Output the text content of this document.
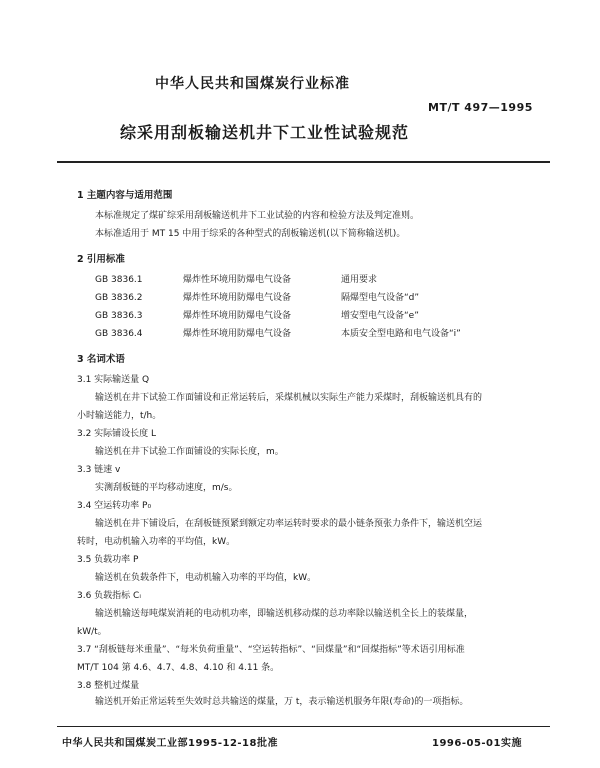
中华人民共和国煤炭行业标准
MT/T 497—1995
综采用刮板输送机井下工业性试验规范
1 主题内容与适用范围
本标准规定了煤矿综采用刮板输送机井下工业试验的内容和检验方法及判定准则。
本标准适用于 MT 15 中用于综采的各种型式的刮板输送机(以下简称输送机)。
2 引用标准
GB 3836.1	爆炸性环境用防爆电气设备	通用要求
GB 3836.2	爆炸性环境用防爆电气设备	隔爆型电气设备“d”
GB 3836.3	爆炸性环境用防爆电气设备	增安型电气设备“e”
GB 3836.4	爆炸性环境用防爆电气设备	本质安全型电路和电气设备“i”
3 名词术语
3.1 实际输送量 Q
输送机在井下试验工作面铺设和正常运转后，采煤机械以实际生产能力采煤时，刮板输送机具有的
小时输送能力，t/h。
3.2 实际铺设长度 L
输送机在井下试验工作面铺设的实际长度，m。
3.3 链速 v
实测刮板链的平均移动速度，m/s。
3.4 空运转功率 P₀
输送机在井下铺设后，在刮板链预紧到额定功率运转时要求的最小链条预张力条件下，输送机空运
转时，电动机输入功率的平均值，kW。
3.5 负载功率 P
输送机在负载条件下，电动机输入功率的平均值，kW。
3.6 负载指标 Cᵢ
输送机输送每吨煤炭消耗的电动机功率，即输送机移动煤的总功率除以输送机全长上的装煤量，
kW/t。
3.7 “刮板链每米重量”、“每米负荷重量”、“空运转指标”、“回煤量”和“回煤指标”等术语引用标准
MT/T 104 第 4.6、4.7、4.8、4.10 和 4.11 条。
3.8 整机过煤量
输送机开始正常运转至失效时总共输送的煤量，万 t，表示输送机服务年限(寿命)的一项指标。
中华人民共和国煤炭工业部1995-12-18批准	1996-05-01实施
